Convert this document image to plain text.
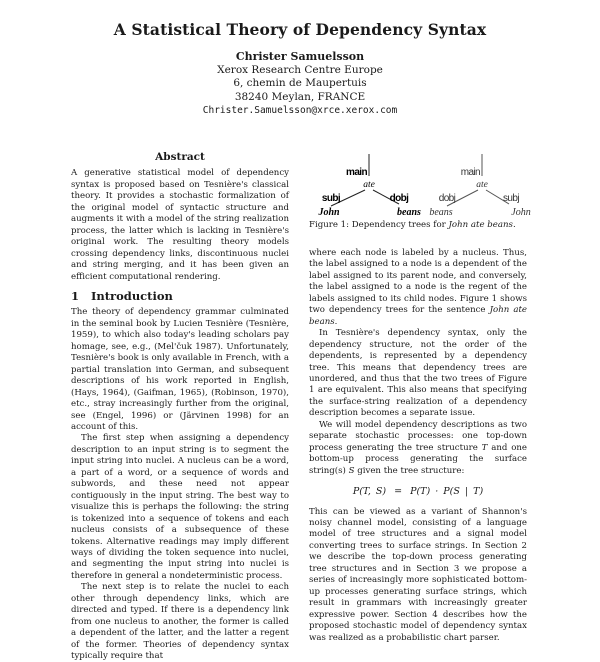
A Statistical Theory of Dependency Syntax
Christer Samuelsson
Xerox Research Centre Europe
6, chemin de Maupertuis
38240 Meylan, FRANCE
Christer.Samuelsson@xrce.xerox.com
Abstract

A generative statistical model of dependency syntax is proposed based on Tesnière's classical theory. It provides a stochastic formalization of the original model of syntactic structure and augments it with a model of the string realization process, the latter which is lacking in Tesnière's original work. The resulting theory models crossing dependency links, discontinuous nuclei and string merging, and it has been given an efficient computational rendering.

1 Introduction

The theory of dependency grammar culminated in the seminal book by Lucien Tesnière (Tesnière, 1959), to which also today's leading scholars pay homage, see, e.g., (Mel'čuk 1987). Unfortunately, Tesnière's book is only available in French, with a partial translation into German, and subsequent descriptions of his work reported in English, (Hays, 1964), (Gaifman, 1965), (Robinson, 1970), etc., stray increasingly further from the original, see (Engel, 1996) or (Järvinen 1998) for an account of this.

The first step when assigning a dependency description to an input string is to segment the input string into nuclei. A nucleus can be a word, a part of a word, or a sequence of words and subwords, and these need not appear contiguously in the input string. The best way to visualize this is perhaps the following: the string is tokenized into a sequence of tokens and each nucleus consists of a subsequence of these tokens. Alternative readings may imply different ways of dividing the token sequence into nuclei, and segmenting the input string into nuclei is therefore in general a nondeterministic process.

The next step is to relate the nuclei to each other through dependency links, which are directed and typed. If there is a dependency link from one nucleus to another, the former is called a dependent of the latter, and the latter a regent of the former. Theories of dependency syntax typically require that

main
ate
subj	dobj
John	beans
main
ate
dobj	subj
beans	John
Figure 1: Dependency trees for John ate beans.

where each node is labeled by a nucleus. Thus, the label assigned to a node is a dependent of the label assigned to its parent node, and conversely, the label assigned to a node is the regent of the labels assigned to its child nodes. Figure 1 shows two dependency trees for the sentence John ate beans.

In Tesnière's dependency syntax, only the dependency structure, not the order of the dependents, is represented by a dependency tree. This means that dependency trees are unordered, and thus that the two trees of Figure 1 are equivalent. This also means that specifying the surface-string realization of a dependency description becomes a separate issue.

We will model dependency descriptions as two separate stochastic processes: one top-down process generating the tree structure T and one bottom-up process generating the surface string(s) S given the tree structure:

P(T, S) = P(T) · P(S | T)

This can be viewed as a variant of Shannon's noisy channel model, consisting of a language model of tree structures and a signal model converting trees to surface strings. In Section 2 we describe the top-down process generating tree structures and in Section 3 we propose a series of increasingly more sophisticated bottom-up processes generating surface strings, which result in grammars with increasingly greater expressive power. Section 4 describes how the proposed stochastic model of dependency syntax was realized as a probabilistic chart parser.
